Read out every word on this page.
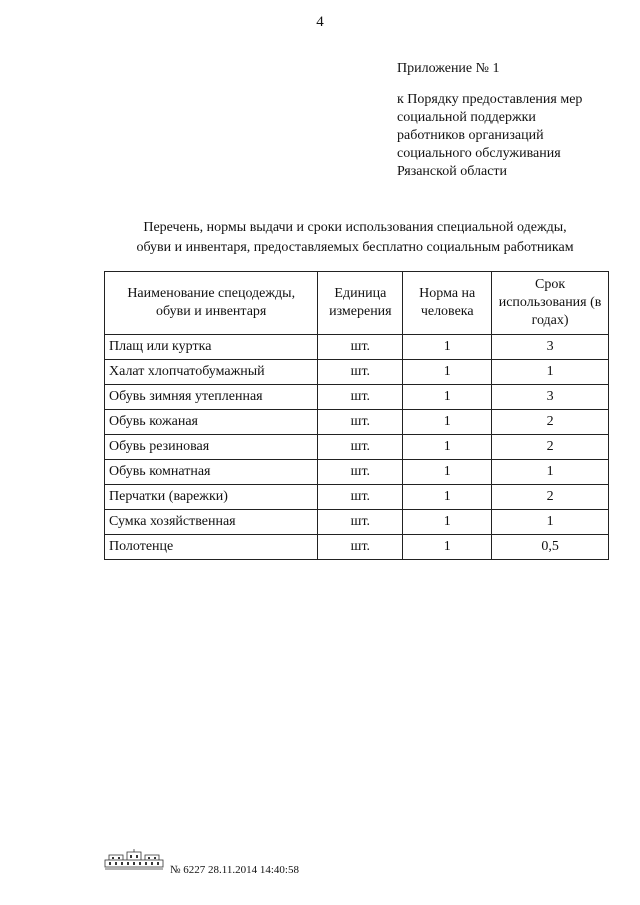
4
Приложение № 1
к Порядку предоставления мер
социальной поддержки
работников организаций
социального обслуживания
Рязанской области
Перечень, нормы выдачи и сроки использования специальной одежды,
обуви и инвентаря, предоставляемых бесплатно социальным работникам
Наименование спецодежды, обуви и инвентаря	Единица измерения	Норма на человека	Срок использования (в годах)
Плащ или куртка	шт.	1	3
Халат хлопчатобумажный	шт.	1	1
Обувь зимняя утепленная	шт.	1	3
Обувь кожаная	шт.	1	2
Обувь резиновая	шт.	1	2
Обувь комнатная	шт.	1	1
Перчатки (варежки)	шт.	1	2
Сумка хозяйственная	шт.	1	1
Полотенце	шт.	1	0,5
№ 6227 28.11.2014 14:40:58
